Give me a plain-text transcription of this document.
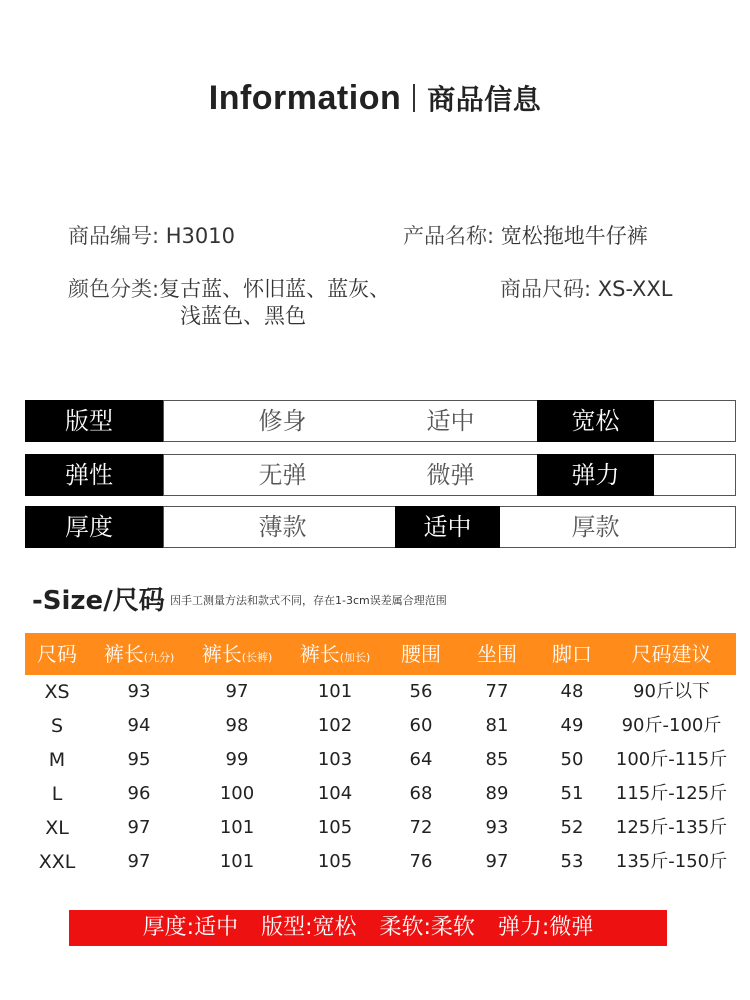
Information 商品信息
商品编号: H3010	产品名称: 宽松拖地牛仔裤
颜色分类:复古蓝、怀旧蓝、蓝灰、
浅蓝色、黑色
商品尺码: XS-XXL
版型	修身	适中	宽松
弹性	无弹	微弹	弹力
厚度	薄款	适中	厚款
-Size/尺码 因手工测量方法和款式不同，存在1-3cm误差属合理范围
尺码	裤长(九分)	裤长(长裤)	裤长(加长)	腰围	坐围	脚口	尺码建议
XS	93	97	101	56	77	48	90斤以下
S	94	98	102	60	81	49	90斤-100斤
M	95	99	103	64	85	50	100斤-115斤
L	96	100	104	68	89	51	115斤-125斤
XL	97	101	105	72	93	52	125斤-135斤
XXL	97	101	105	76	97	53	135斤-150斤
厚度:适中 版型:宽松 柔软:柔软 弹力:微弹
